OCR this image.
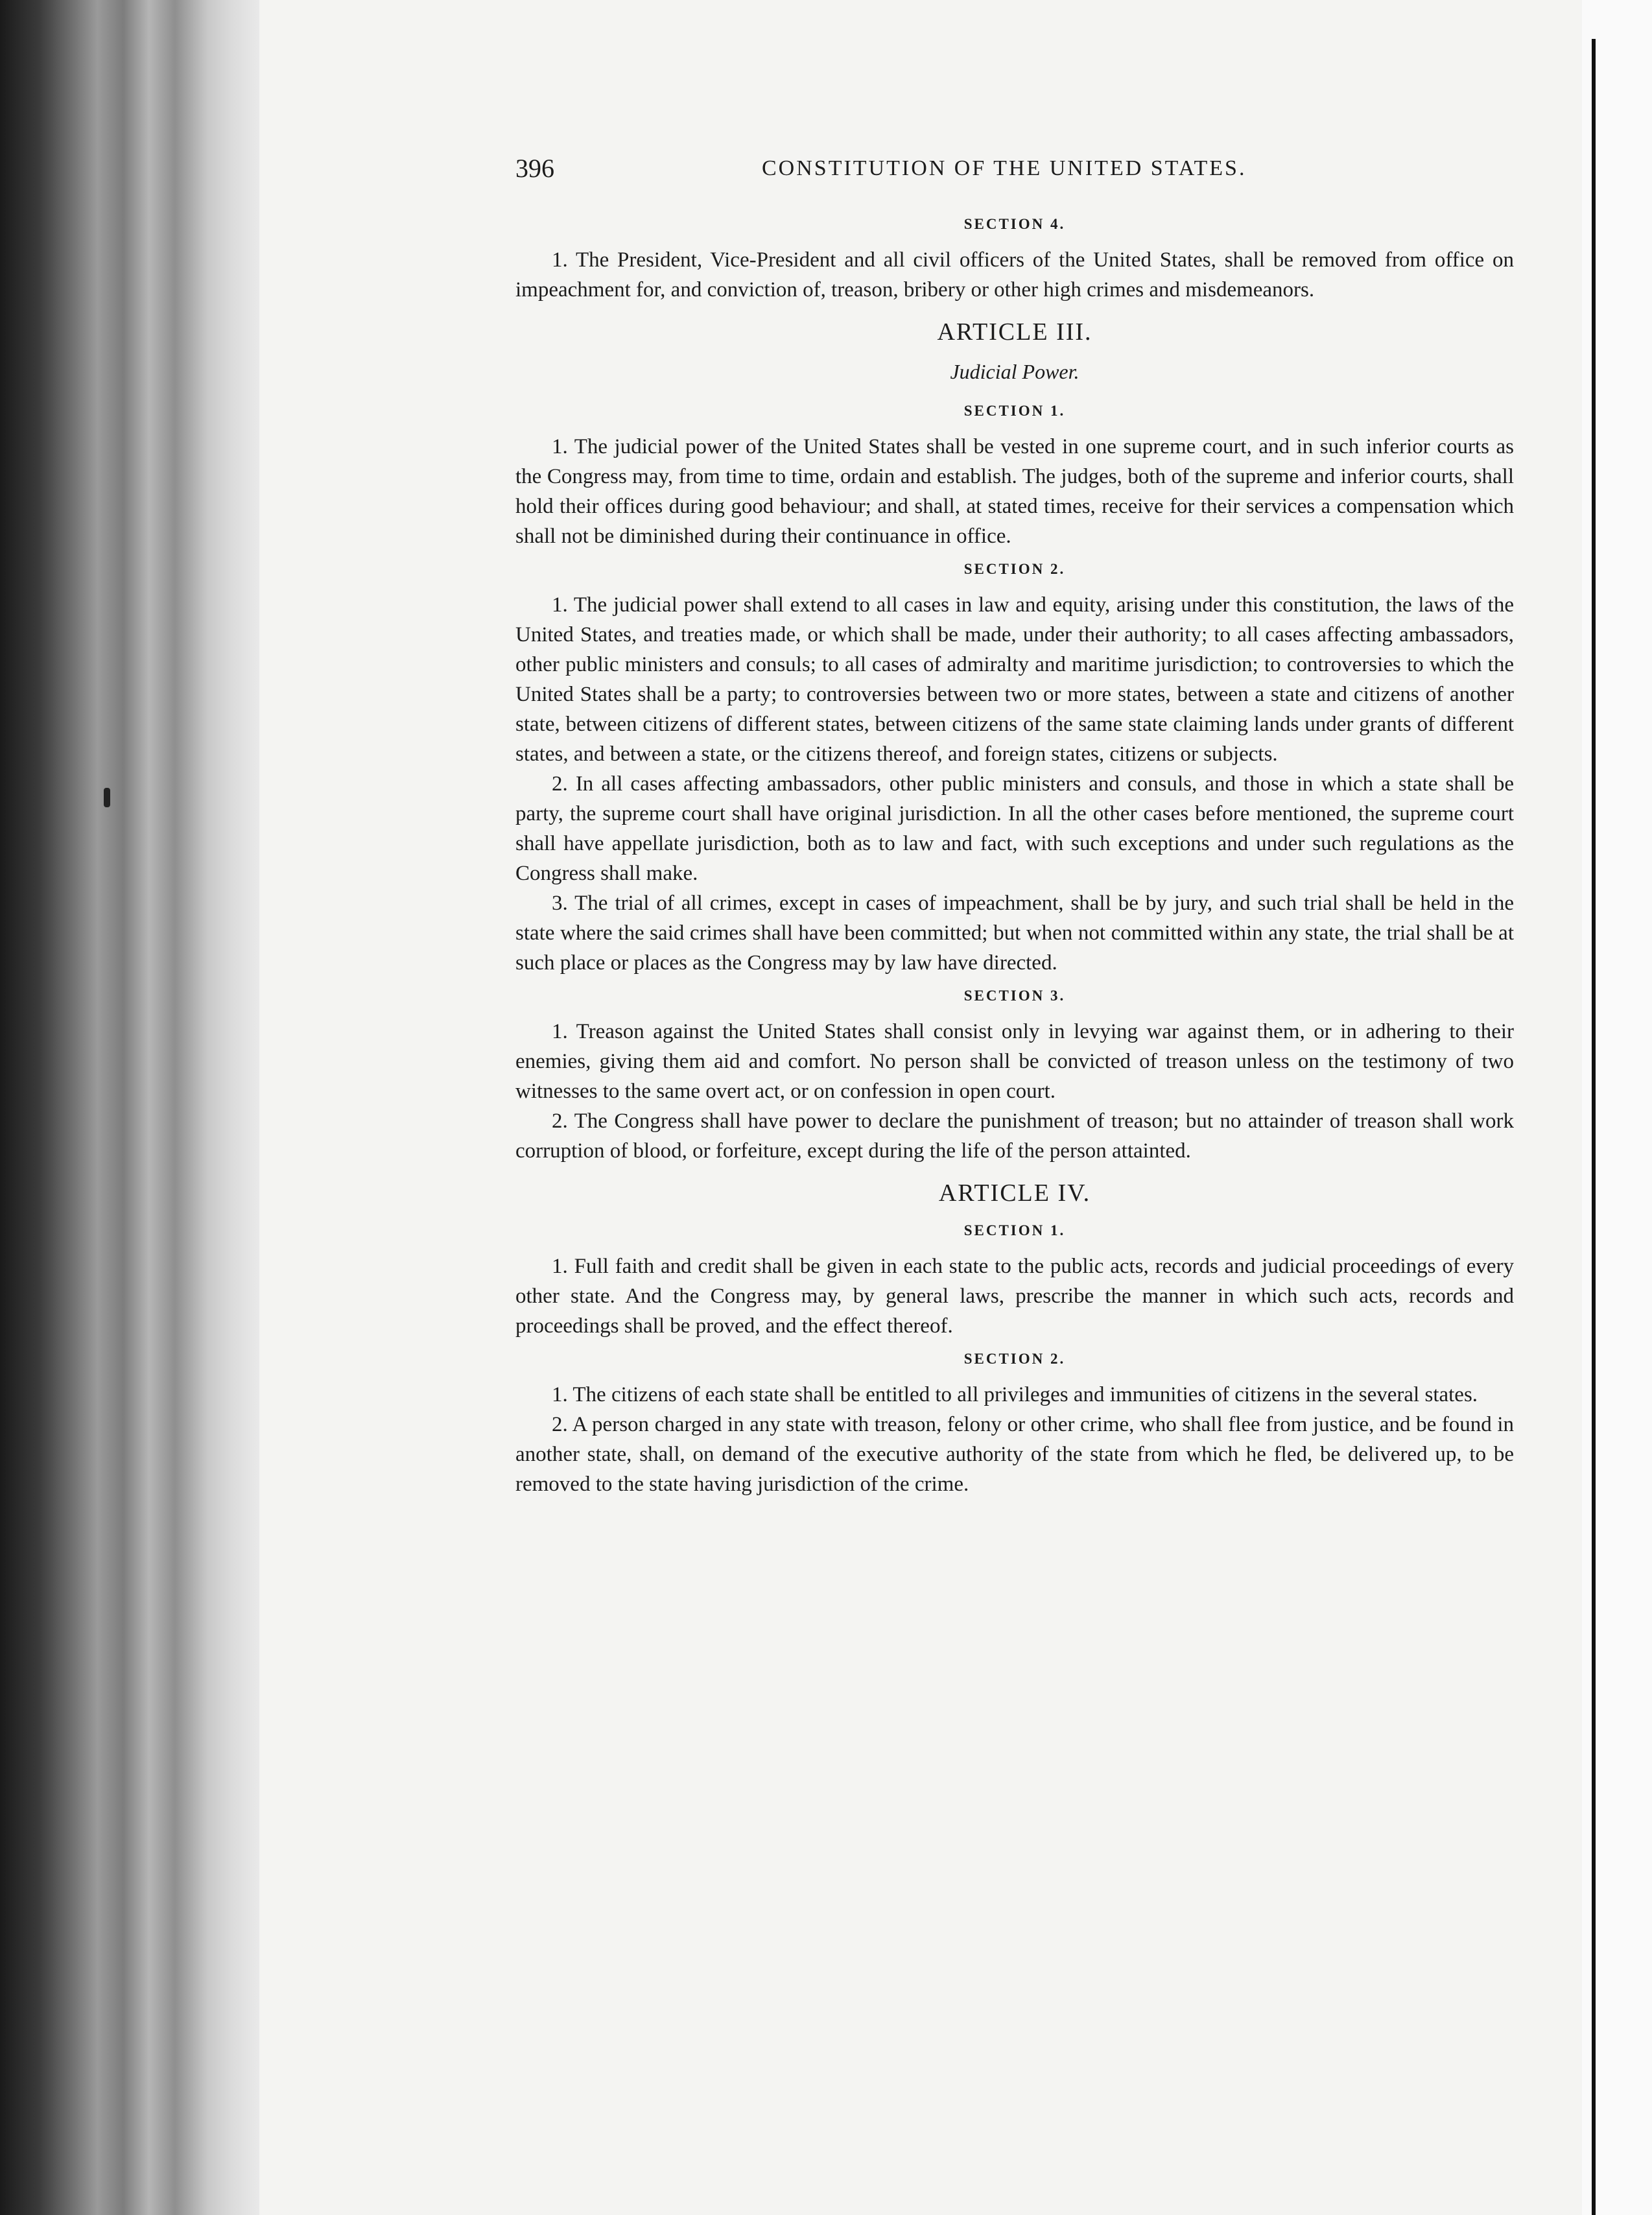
396	CONSTITUTION OF THE UNITED STATES.
SECTION 4.

1. The President, Vice-President and all civil officers of the United States, shall be removed from office on impeachment for, and conviction of, treason, bribery or other high crimes and misdemeanors.

ARTICLE III.
Judicial Power.
SECTION 1.

1. The judicial power of the United States shall be vested in one supreme court, and in such inferior courts as the Congress may, from time to time, ordain and establish. The judges, both of the supreme and inferior courts, shall hold their offices during good behaviour; and shall, at stated times, receive for their services a compensation which shall not be diminished during their continuance in office.

SECTION 2.

1. The judicial power shall extend to all cases in law and equity, arising under this constitution, the laws of the United States, and treaties made, or which shall be made, under their authority; to all cases affecting ambassadors, other public ministers and consuls; to all cases of admiralty and maritime jurisdiction; to controversies to which the United States shall be a party; to controversies between two or more states, between a state and citizens of another state, between citizens of different states, between citizens of the same state claiming lands under grants of different states, and between a state, or the citizens thereof, and foreign states, citizens or subjects.

2. In all cases affecting ambassadors, other public ministers and consuls, and those in which a state shall be party, the supreme court shall have original jurisdiction. In all the other cases before mentioned, the supreme court shall have appellate jurisdiction, both as to law and fact, with such exceptions and under such regulations as the Congress shall make.

3. The trial of all crimes, except in cases of impeachment, shall be by jury, and such trial shall be held in the state where the said crimes shall have been committed; but when not committed within any state, the trial shall be at such place or places as the Congress may by law have directed.

SECTION 3.

1. Treason against the United States shall consist only in levying war against them, or in adhering to their enemies, giving them aid and comfort. No person shall be convicted of treason unless on the testimony of two witnesses to the same overt act, or on confession in open court.

2. The Congress shall have power to declare the punishment of treason; but no attainder of treason shall work corruption of blood, or forfeiture, except during the life of the person attainted.

ARTICLE IV.
SECTION 1.

1. Full faith and credit shall be given in each state to the public acts, records and judicial proceedings of every other state. And the Congress may, by general laws, prescribe the manner in which such acts, records and proceedings shall be proved, and the effect thereof.

SECTION 2.

1. The citizens of each state shall be entitled to all privileges and immunities of citizens in the several states.

2. A person charged in any state with treason, felony or other crime, who shall flee from justice, and be found in another state, shall, on demand of the executive authority of the state from which he fled, be delivered up, to be removed to the state having jurisdiction of the crime.
